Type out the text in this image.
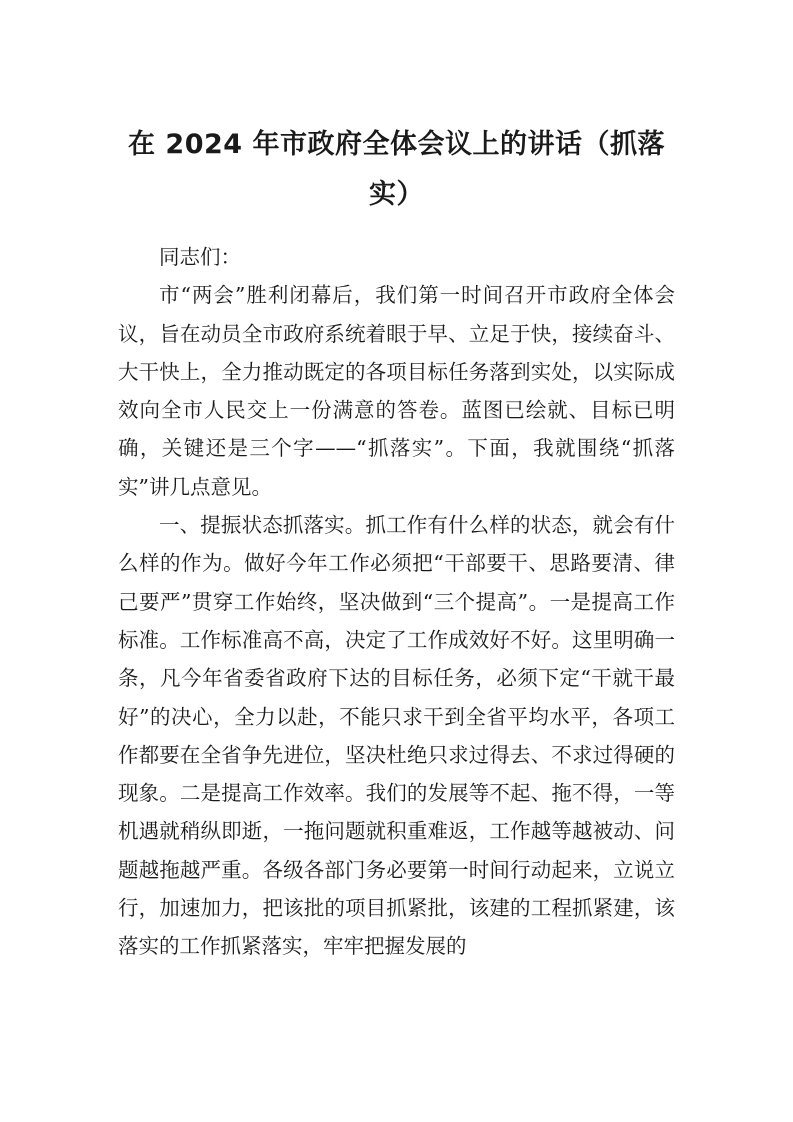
在 2024 年市政府全体会议上的讲话（抓落实）

同志们：

市“两会”胜利闭幕后，我们第一时间召开市政府全体会议，旨在动员全市政府系统着眼于早、立足于快，接续奋斗、大干快上，全力推动既定的各项目标任务落到实处，以实际成效向全市人民交上一份满意的答卷。蓝图已绘就、目标已明确，关键还是三个字——“抓落实”。下面，我就围绕“抓落实”讲几点意见。

一、提振状态抓落实。抓工作有什么样的状态，就会有什么样的作为。做好今年工作必须把“干部要干、思路要清、律己要严”贯穿工作始终，坚决做到“三个提高”。一是提高工作标准。工作标准高不高，决定了工作成效好不好。这里明确一条，凡今年省委省政府下达的目标任务，必须下定“干就干最好”的决心，全力以赴，不能只求干到全省平均水平，各项工作都要在全省争先进位，坚决杜绝只求过得去、不求过得硬的现象。二是提高工作效率。我们的发展等不起、拖不得，一等机遇就稍纵即逝，一拖问题就积重难返，工作越等越被动、问题越拖越严重。各级各部门务必要第一时间行动起来，立说立行，加速加力，把该批的项目抓紧批，该建的工程抓紧建，该落实的工作抓紧落实，牢牢把握发展的
